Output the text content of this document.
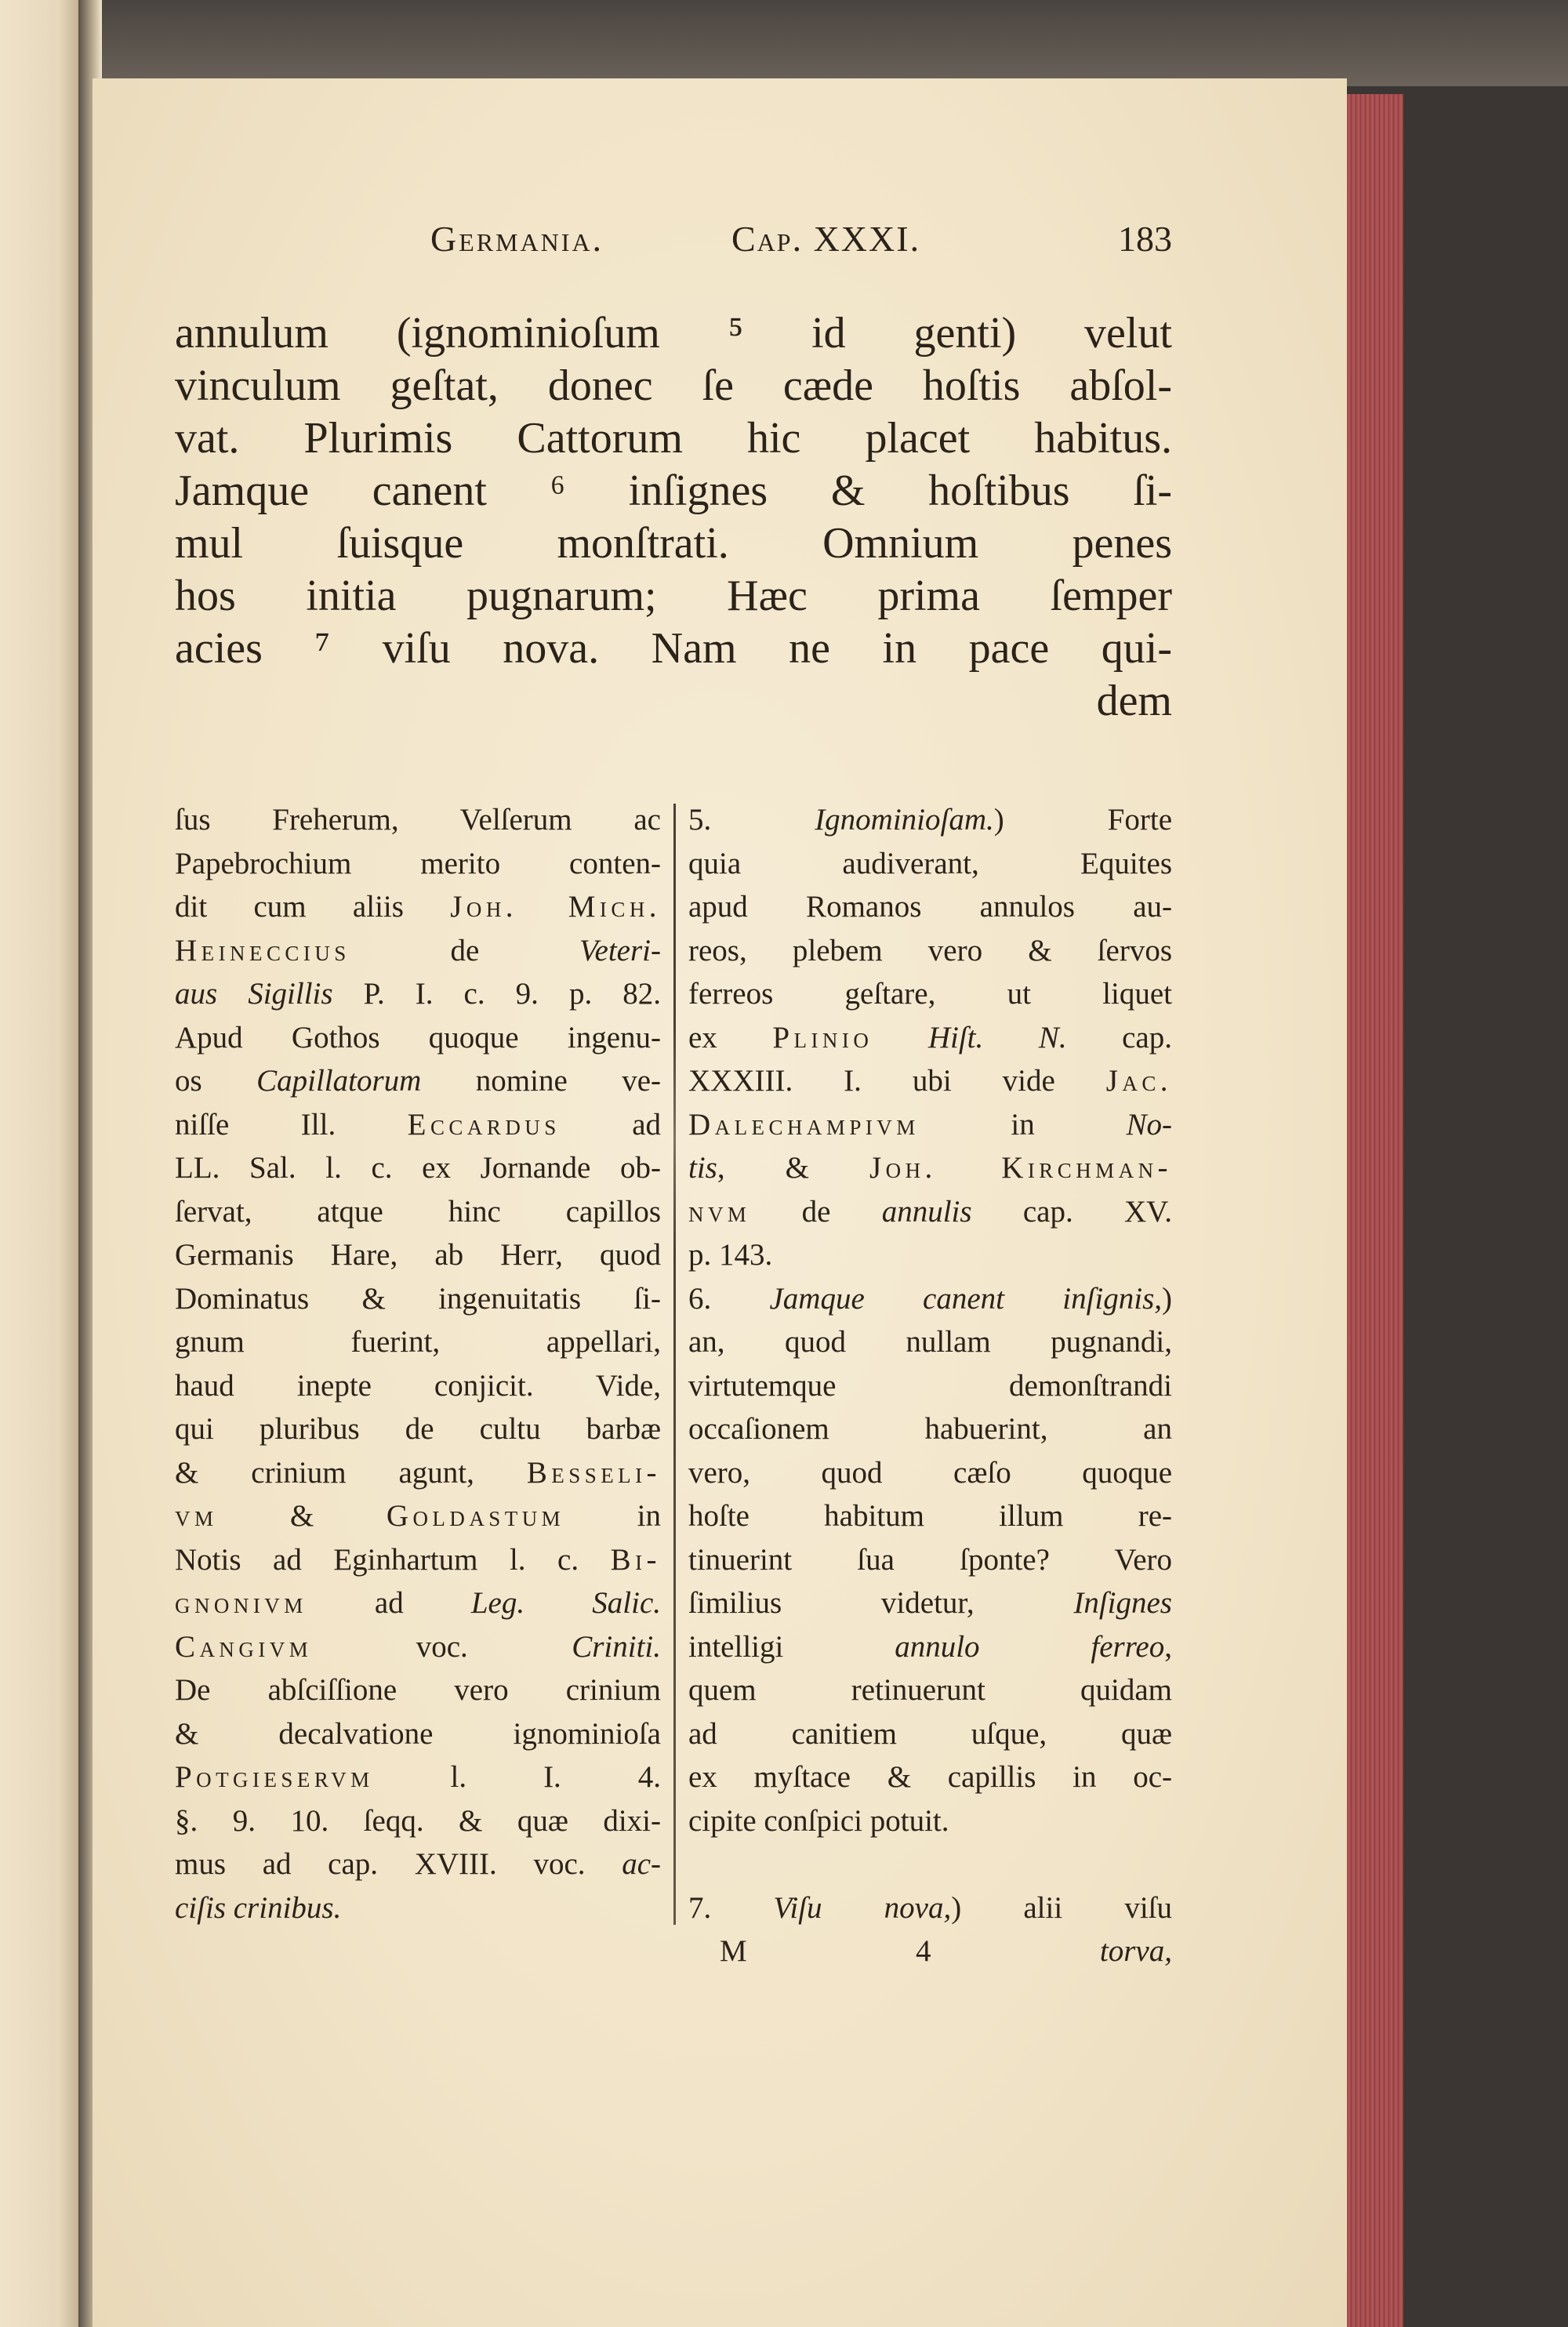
Germania.	Cap. XXXI.	183
annulum (ignominioſum ⁵ id genti) velut
vinculum geſtat, donec ſe cæde hoſtis abſol-
vat. Plurimis Cattorum hic placet habitus.
Jamque canent ⁶ inſignes & hoſtibus ſi-
mul ſuisque monſtrati. Omnium penes
hos initia pugnarum; Hæc prima ſemper
acies ⁷ viſu nova. Nam ne in pace qui-
dem
ſus Freherum, Velſerum ac
Papebrochium merito conten-
dit cum aliis Joh. Mich.
Heineccius de Veteri-
aus Sigillis P. I. c. 9. p. 82.
Apud Gothos quoque ingenu-
os Capillatorum nomine ve-
niſſe Ill. Eccardus ad
LL. Sal. l. c. ex Jornande ob-
ſervat, atque hinc capillos
Germanis Hare, ab Herr, quod
Dominatus & ingenuitatis ſi-
gnum fuerint, appellari,
haud inepte conjicit. Vide,
qui pluribus de cultu barbæ
& crinium agunt, Besseli-
vm & Goldastum in
Notis ad Eginhartum l. c. Bi-
gnonivm ad Leg. Salic.
Cangivm voc. Criniti.
De abſciſſione vero crinium
& decalvatione ignominioſa
Potgieservm l. I. 4.
§. 9. 10. ſeqq. & quæ dixi-
mus ad cap. XVIII. voc. ac-
ciſis crinibus.
5. Ignominioſam.) Forte
quia audiverant, Equites
apud Romanos annulos au-
reos, plebem vero & ſervos
ferreos geſtare, ut liquet
ex Plinio Hiſt. N. cap.
XXXIII. I. ubi vide Jac.
Dalechampivm in No-
tis, & Joh. Kirchman-
nvm de annulis cap. XV.
p. 143.
6. Jamque canent inſignis,)
an, quod nullam pugnandi,
virtutemque demonſtrandi
occaſionem habuerint, an
vero, quod cæſo quoque
hoſte habitum illum re-
tinuerint ſua ſponte? Vero
ſimilius videtur, Inſignes
intelligi annulo ferreo,
quem retinuerunt quidam
ad canitiem uſque, quæ
ex myſtace & capillis in oc-
cipite conſpici potuit.
7. Viſu nova,) alii viſu
M 4	torva,
